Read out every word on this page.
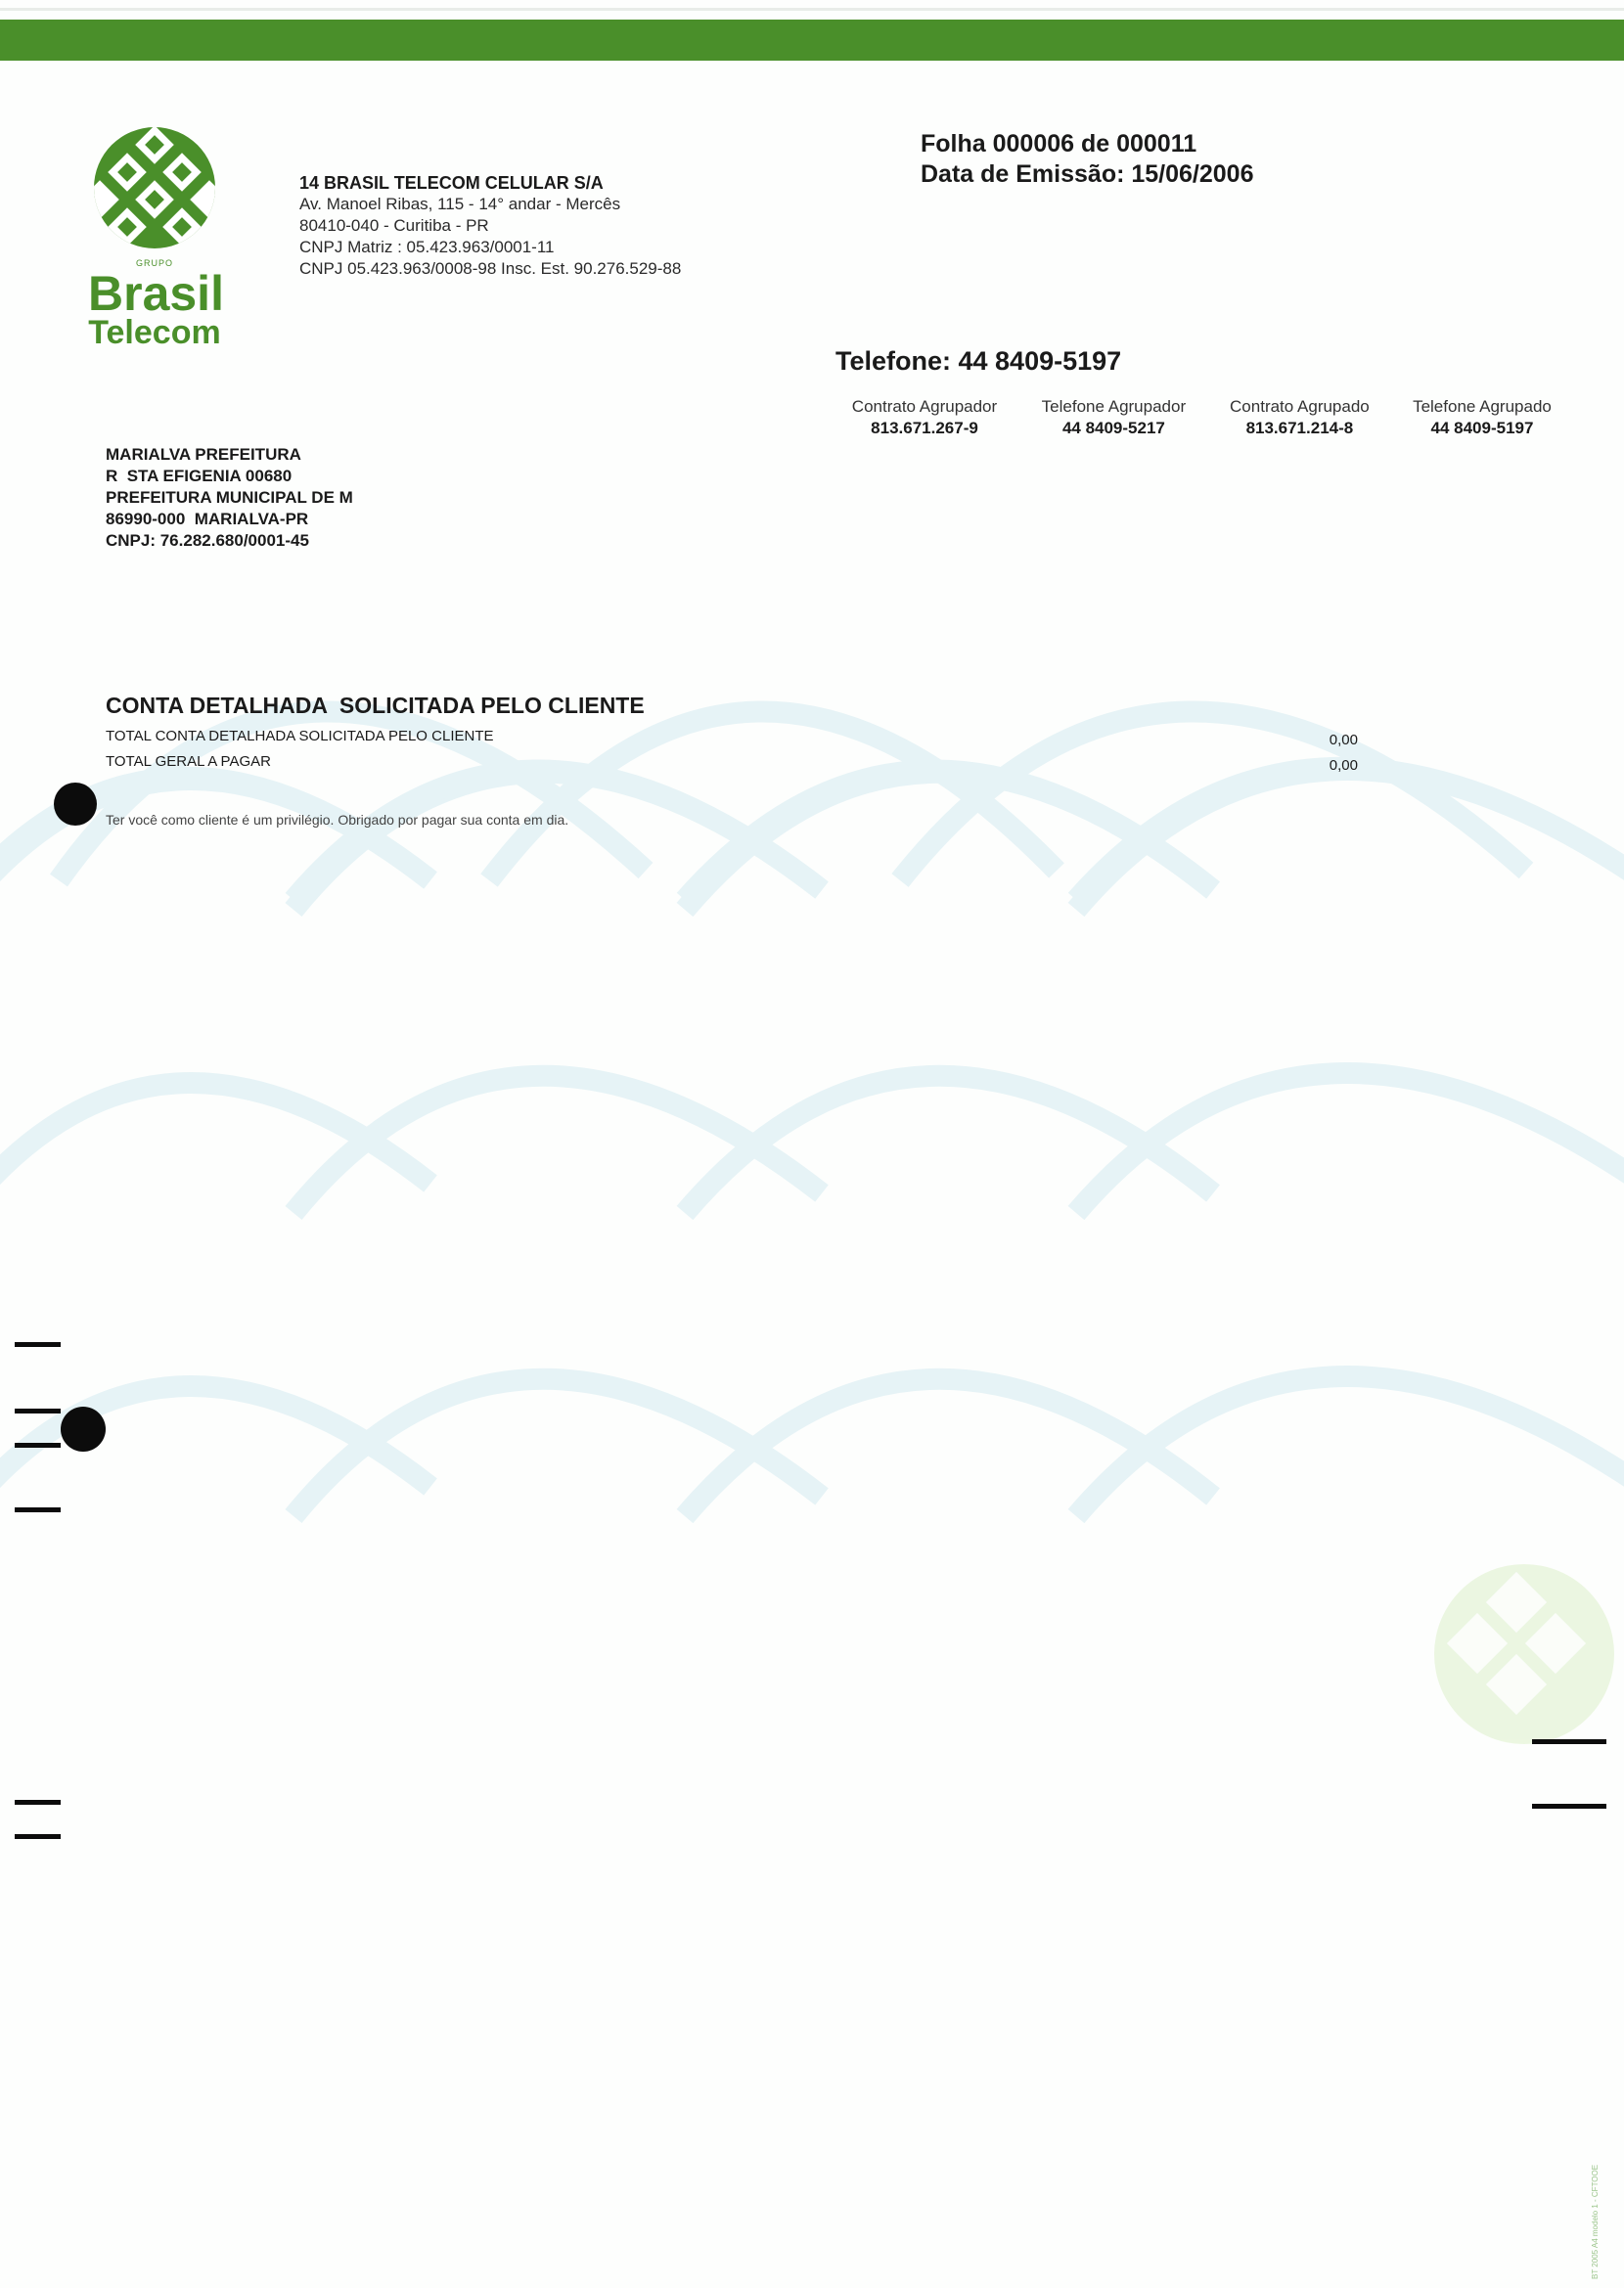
GRUPO
Brasil
Telecom
14 BRASIL TELECOM CELULAR S/A
Av. Manoel Ribas, 115 - 14° andar - Mercês
80410-040 - Curitiba - PR
CNPJ Matriz : 05.423.963/0001-11
CNPJ 05.423.963/0008-98 Insc. Est. 90.276.529-88
Folha 000006 de 000011
Data de Emissão: 15/06/2006
Telefone: 44 8409-5197
Contrato Agrupador	Telefone Agrupador	Contrato Agrupado	Telefone Agrupado
813.671.267-9	44 8409-5217	813.671.214-8	44 8409-5197
MARIALVA PREFEITURA
R  STA EFIGENIA 00680
PREFEITURA MUNICIPAL DE M
86990-000  MARIALVA-PR
CNPJ: 76.282.680/0001-45
CONTA DETALHADA  SOLICITADA PELO CLIENTE
TOTAL CONTA DETALHADA SOLICITADA PELO CLIENTE	0,00
TOTAL GERAL A PAGAR	0,00
Ter você como cliente é um privilégio. Obrigado por pagar sua conta em dia.
BT 2005 A4 modelo 1 - CFTOOE
